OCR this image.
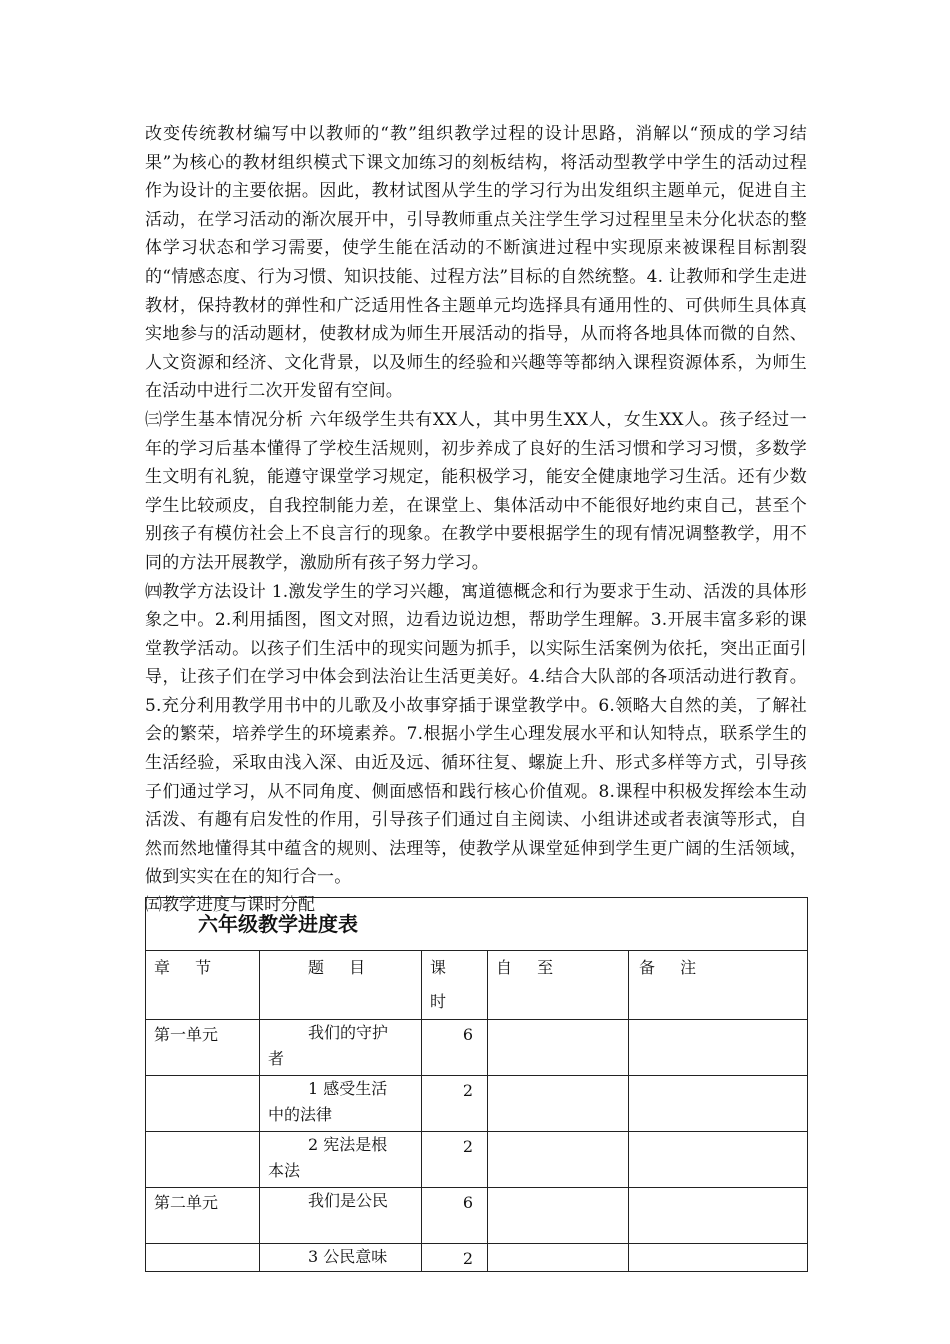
改变传统教材编写中以教师的“教”组织教学过程的设计思路，消解以“预成的学习结果”为核心的教材组织模式下课文加练习的刻板结构，将活动型教学中学生的活动过程作为设计的主要依据。因此，教材试图从学生的学习行为出发组织主题单元，促进自主活动，在学习活动的渐次展开中，引导教师重点关注学生学习过程里呈未分化状态的整体学习状态和学习需要，使学生能在活动的不断演进过程中实现原来被课程目标割裂的“情感态度、行为习惯、知识技能、过程方法”目标的自然统整。4. 让教师和学生走进教材，保持教材的弹性和广泛适用性各主题单元均选择具有通用性的、可供师生具体真实地参与的活动题材，使教材成为师生开展活动的指导，从而将各地具体而微的自然、人文资源和经济、文化背景，以及师生的经验和兴趣等等都纳入课程资源体系，为师生在活动中进行二次开发留有空间。

㈢学生基本情况分析 六年级学生共有XX人，其中男生XX人，女生XX人。孩子经过一年的学习后基本懂得了学校生活规则，初步养成了良好的生活习惯和学习习惯，多数学生文明有礼貌，能遵守课堂学习规定，能积极学习，能安全健康地学习生活。还有少数学生比较顽皮，自我控制能力差，在课堂上、集体活动中不能很好地约束自己，甚至个别孩子有模仿社会上不良言行的现象。在教学中要根据学生的现有情况调整教学，用不同的方法开展教学，激励所有孩子努力学习。

㈣教学方法设计 1.激发学生的学习兴趣，寓道德概念和行为要求于生动、活泼的具体形象之中。2.利用插图，图文对照，边看边说边想，帮助学生理解。3.开展丰富多彩的课堂教学活动。以孩子们生活中的现实问题为抓手，以实际生活案例为依托，突出正面引导，让孩子们在学习中体会到法治让生活更美好。4.结合大队部的各项活动进行教育。5.充分利用教学用书中的儿歌及小故事穿插于课堂教学中。6.领略大自然的美，了解社会的繁荣，培养学生的环境素养。7.根据小学生心理发展水平和认知特点，联系学生的生活经验，采取由浅入深、由近及远、循环往复、螺旋上升、形式多样等方式，引导孩子们通过学习，从不同角度、侧面感悟和践行核心价值观。8.课程中积极发挥绘本生动活泼、有趣有启发性的作用，引导孩子们通过自主阅读、小组讲述或者表演等形式，自然而然地懂得其中蕴含的规则、法理等，使教学从课堂延伸到学生更广阔的生活领域，做到实实在在的知行合一。

㈤教学进度与课时分配

六年级教学进度表				

章 节	题 目	课 时	自 至	备 注

第一单元	我们的守护
者	6		

	1 感受生活
中的法律	2		

	2 宪法是根
本法	2		
第二单元	我们是公民	6		

	3 公民意味	2		
